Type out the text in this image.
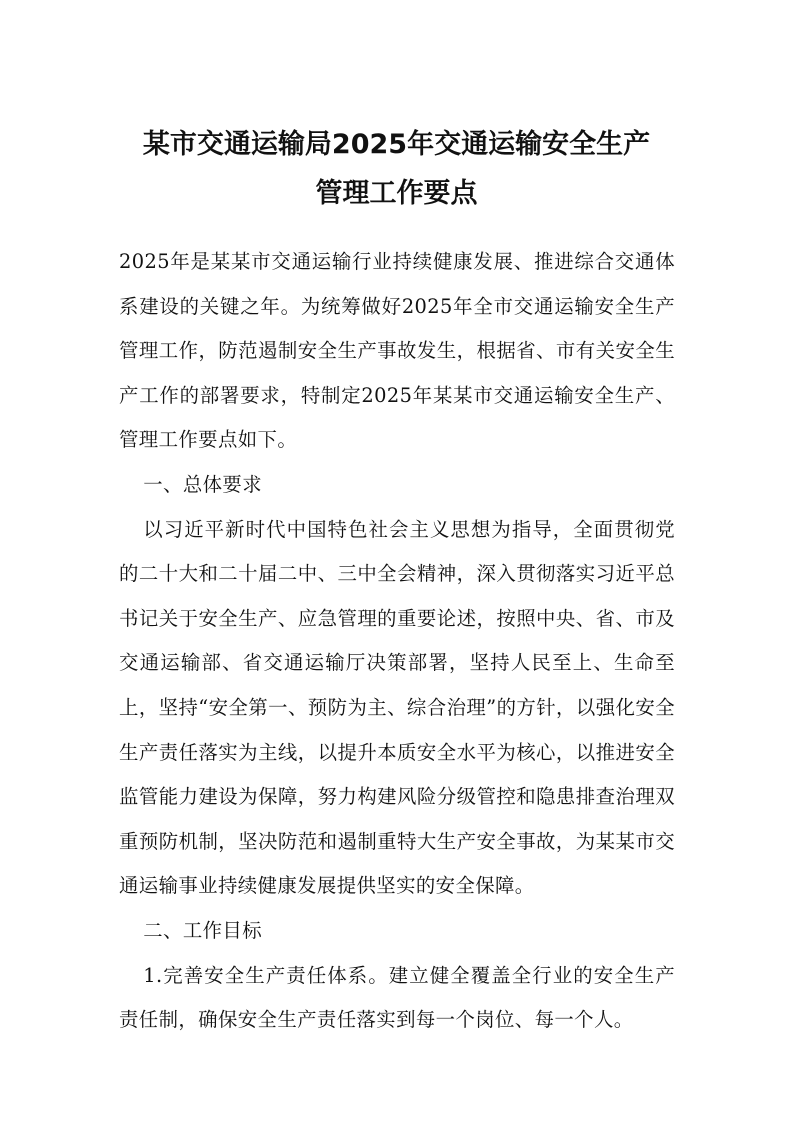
某市交通运输局2025年交通运输安全生产
管理工作要点

2025年是某某市交通运输行业持续健康发展、推进综合交通体系建设的关键之年。为统筹做好2025年全市交通运输安全生产管理工作，防范遏制安全生产事故发生，根据省、市有关安全生产工作的部署要求，特制定2025年某某市交通运输安全生产、管理工作要点如下。

一、总体要求

以习近平新时代中国特色社会主义思想为指导，全面贯彻党的二十大和二十届二中、三中全会精神，深入贯彻落实习近平总书记关于安全生产、应急管理的重要论述，按照中央、省、市及交通运输部、省交通运输厅决策部署，坚持人民至上、生命至上，坚持“安全第一、预防为主、综合治理”的方针，以强化安全生产责任落实为主线，以提升本质安全水平为核心，以推进安全监管能力建设为保障，努力构建风险分级管控和隐患排查治理双重预防机制，坚决防范和遏制重特大生产安全事故，为某某市交通运输事业持续健康发展提供坚实的安全保障。

二、工作目标

1.完善安全生产责任体系。建立健全覆盖全行业的安全生产责任制，确保安全生产责任落实到每一个岗位、每一个人。
